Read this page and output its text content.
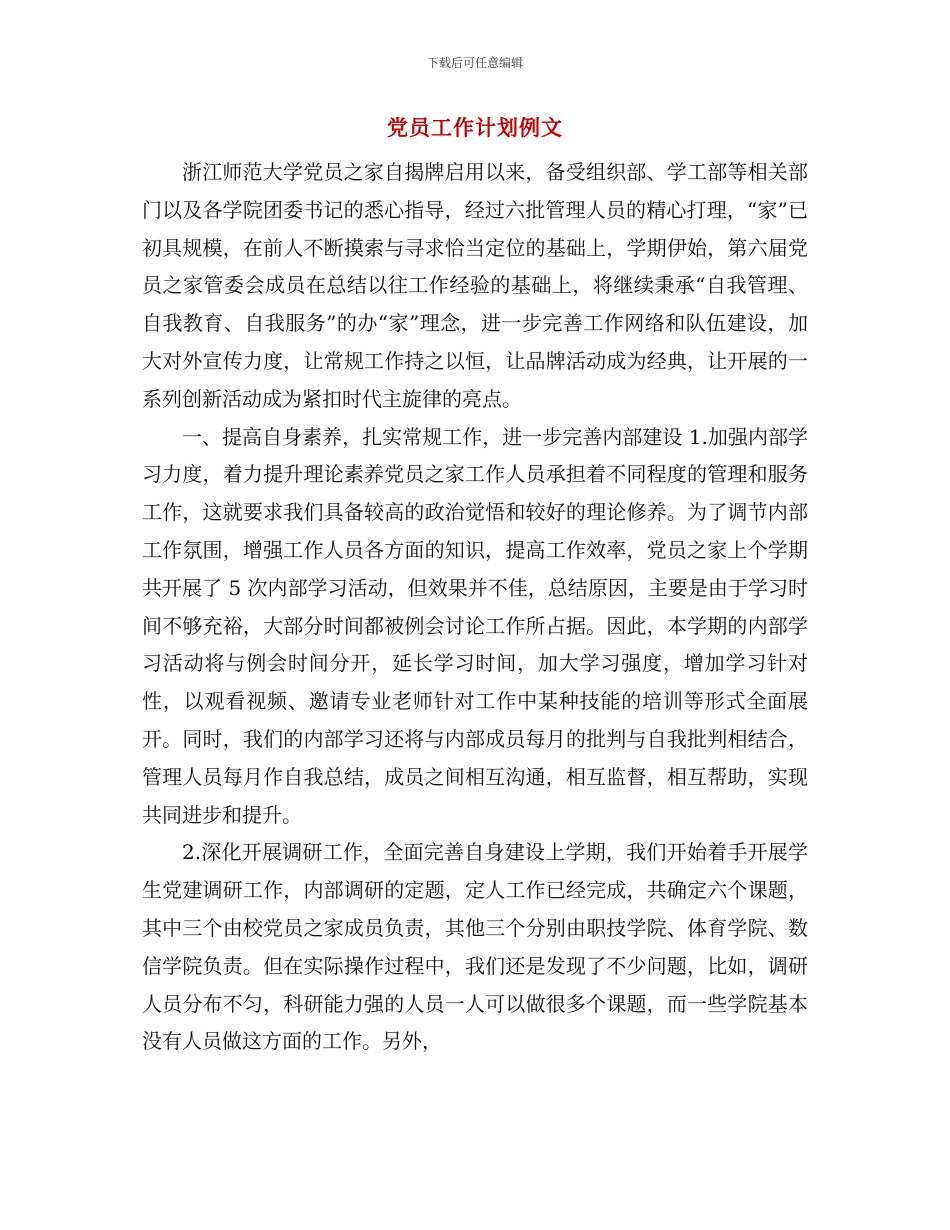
下载后可任意编辑
党员工作计划例文

浙江师范大学党员之家自揭牌启用以来，备受组织部、学工部等相关部门以及各学院团委书记的悉心指导，经过六批管理人员的精心打理，“家”已初具规模，在前人不断摸索与寻求恰当定位的基础上，学期伊始，第六届党员之家管委会成员在总结以往工作经验的基础上，将继续秉承“自我管理、自我教育、自我服务”的办“家”理念，进一步完善工作网络和队伍建设，加大对外宣传力度，让常规工作持之以恒，让品牌活动成为经典，让开展的一系列创新活动成为紧扣时代主旋律的亮点。

一、提高自身素养，扎实常规工作，进一步完善内部建设 1.加强内部学习力度，着力提升理论素养党员之家工作人员承担着不同程度的管理和服务工作，这就要求我们具备较高的政治觉悟和较好的理论修养。为了调节内部工作氛围，增强工作人员各方面的知识，提高工作效率，党员之家上个学期共开展了 5 次内部学习活动，但效果并不佳，总结原因，主要是由于学习时间不够充裕，大部分时间都被例会讨论工作所占据。因此，本学期的内部学习活动将与例会时间分开，延长学习时间，加大学习强度，增加学习针对性，以观看视频、邀请专业老师针对工作中某种技能的培训等形式全面展开。同时，我们的内部学习还将与内部成员每月的批判与自我批判相结合，管理人员每月作自我总结，成员之间相互沟通，相互监督，相互帮助，实现共同进步和提升。

2.深化开展调研工作，全面完善自身建设上学期，我们开始着手开展学生党建调研工作，内部调研的定题，定人工作已经完成，共确定六个课题，其中三个由校党员之家成员负责，其他三个分别由职技学院、体育学院、数信学院负责。但在实际操作过程中，我们还是发现了不少问题，比如，调研人员分布不匀，科研能力强的人员一人可以做很多个课题，而一些学院基本没有人员做这方面的工作。另外，
